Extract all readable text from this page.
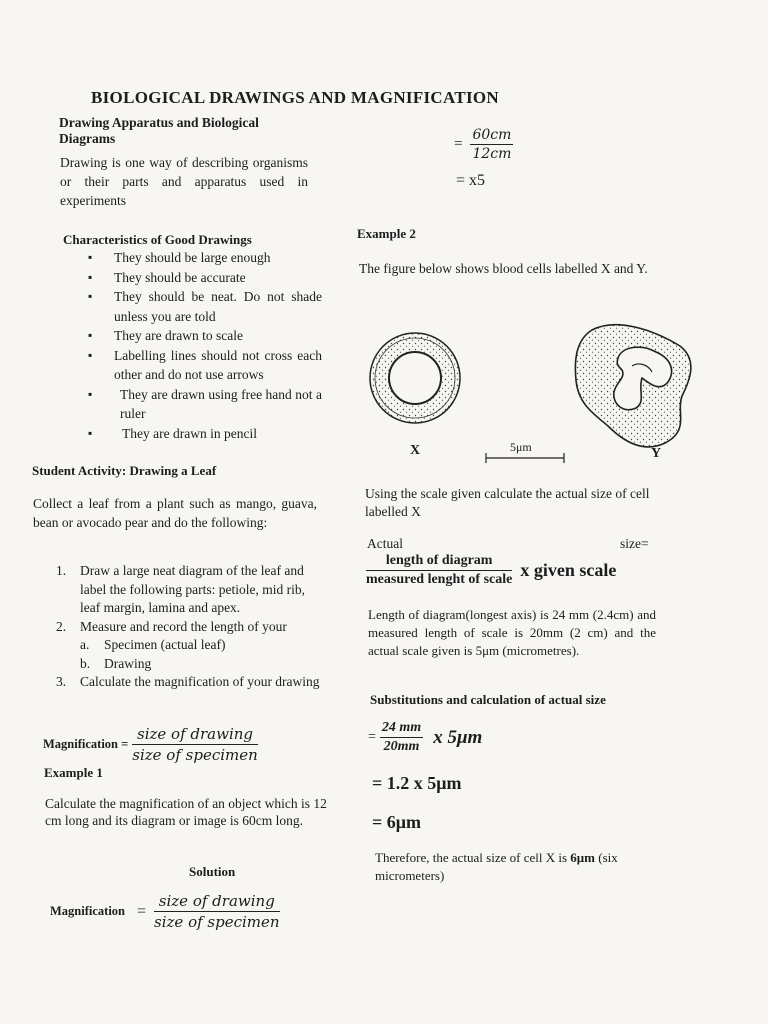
BIOLOGICAL DRAWINGS AND MAGNIFICATION
Drawing Apparatus and Biological
Diagrams
Drawing is one way of describing organisms or their parts and apparatus used in experiments
Characteristics of Good Drawings
▪ They should be large enough
▪ They should be accurate
▪ They should be neat. Do not shade unless you are told
▪ They are drawn to scale
▪ Labelling lines should not cross each other and do not use arrows
▪ They are drawn using free hand not a ruler
▪ They are drawn in pencil
Student Activity: Drawing a Leaf
Collect a leaf from a plant such as mango, guava, bean or avocado pear and do the following:
1. Draw a large neat diagram of the leaf and label the following parts: petiole, mid rib, leaf margin, lamina and apex.
2. Measure and record the length of your
a. Specimen (actual leaf)
b. Drawing
3. Calculate the magnification of your drawing
Magnification = $\frac{\text{size of drawing}}{\text{size of specimen}}$
Example 1
Calculate the magnification of an object which is 12 cm long and its diagram or image is 60cm long.
Solution
Magnification = $\frac{\text{size of drawing}}{\text{size of specimen}}$
= $\frac{60cm}{12cm}$
= x5
Example 2
The figure below shows blood cells labelled X and Y.
X	Y
5μm
Using the scale given calculate the actual size of cell labelled X
Actual	size=
$\frac{\text{length of diagram}}{\text{measured lenght of scale}}$ x given scale
Length of diagram(longest axis) is 24 mm (2.4cm) and measured length of scale is 20mm (2 cm) and the actual scale given is 5μm (micrometres).
Substitutions and calculation of actual size
= $\frac{24 mm}{20mm}$ x 5μm
= 1.2 x 5μm
= 6μm
Therefore, the actual size of cell X is 6μm (six micrometers)
